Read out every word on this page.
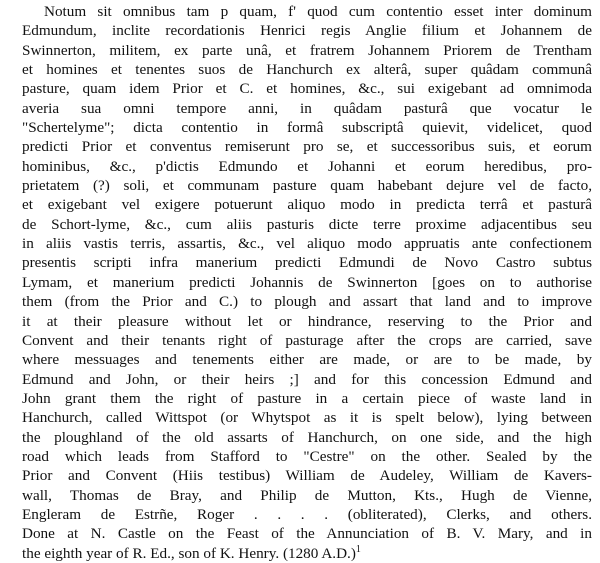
Notum sit omnibus tam p quam, f' quod cum contentio esset inter dominum
Edmundum, inclite recordationis Henrici regis Anglie filium et Johannem de
Swinnerton, militem, ex parte unâ, et fratrem Johannem Priorem de Trentham
et homines et tenentes suos de Hanchurch ex alterâ, super quâdam communâ
pasture, quam idem Prior et C. et homines, &c., sui exigebant ad omnimoda
averia sua omni tempore anni, in quâdam pasturâ que vocatur le
"Schertelyme"; dicta contentio in formâ subscriptâ quievit, videlicet, quod
predicti Prior et conventus remiserunt pro se, et successoribus suis, et eorum
hominibus, &c., p'dictis Edmundo et Johanni et eorum heredibus, pro-
prietatem (?) soli, et communam pasture quam habebant dejure vel de facto,
et exigebant vel exigere potuerunt aliquo modo in predicta terrâ et pasturâ
de Schort-lyme, &c., cum aliis pasturis dicte terre proxime adjacentibus seu
in aliis vastis terris, assartis, &c., vel aliquo modo appruatis ante confectionem
presentis scripti infra manerium predicti Edmundi de Novo Castro subtus
Lymam, et manerium predicti Johannis de Swinnerton [goes on to authorise
them (from the Prior and C.) to plough and assart that land and to improve
it at their pleasure without let or hindrance, reserving to the Prior and
Convent and their tenants right of pasturage after the crops are carried, save
where messuages and tenements either are made, or are to be made, by
Edmund and John, or their heirs ;] and for this concession Edmund and
John grant them the right of pasture in a certain piece of waste land in
Hanchurch, called Wittspot (or Whytspot as it is spelt below), lying between
the ploughland of the old assarts of Hanchurch, on one side, and the high
road which leads from Stafford to "Cestre" on the other. Sealed by the
Prior and Convent (Hiis testibus) William de Audeley, William de Kavers-
wall, Thomas de Bray, and Philip de Mutton, Kts., Hugh de Vienne,
Engleram de Estrñe, Roger . . . . (obliterated), Clerks, and others.
Done at N. Castle on the Feast of the Annunciation of B. V. Mary, and in
the eighth year of R. Ed., son of K. Henry. (1280 A.D.)$^1$
